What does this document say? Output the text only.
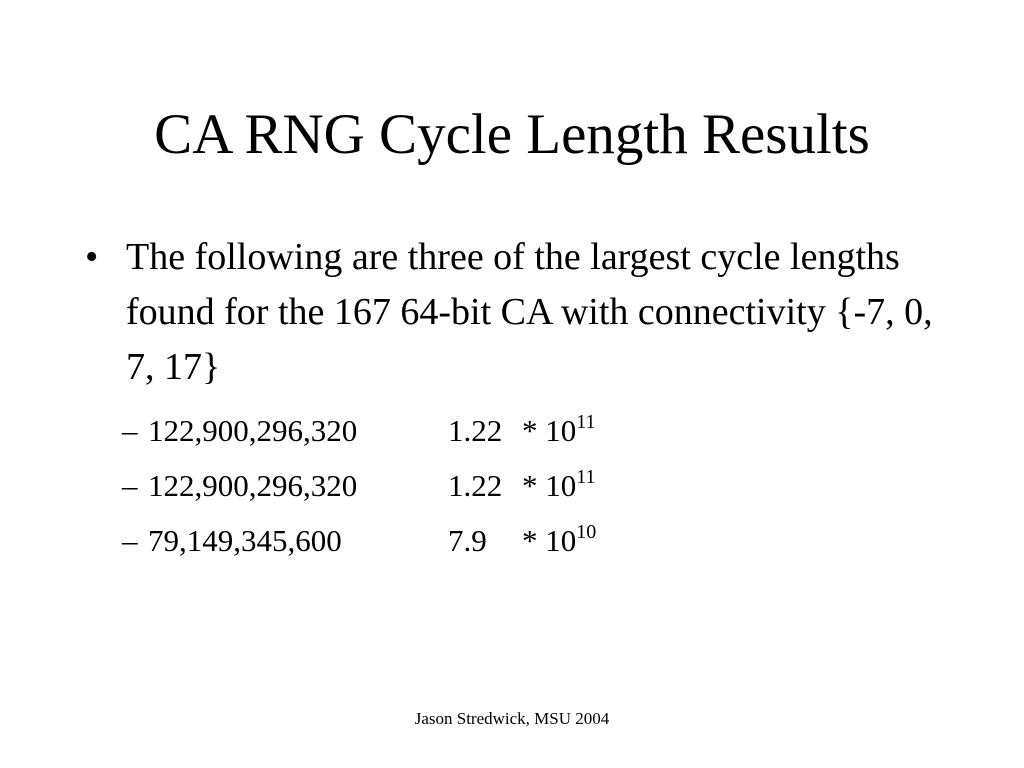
CA RNG Cycle Length Results
• The following are three of the largest cycle lengths found for the 167 64-bit CA with connectivity {-7, 0, 7, 17}
– 122,900,296,320	$1.22 * 10^{11}$
– 122,900,296,320	$1.22 * 10^{11}$
– 79,149,345,600	$7.9 * 10^{10}$
Jason Stredwick, MSU 2004
